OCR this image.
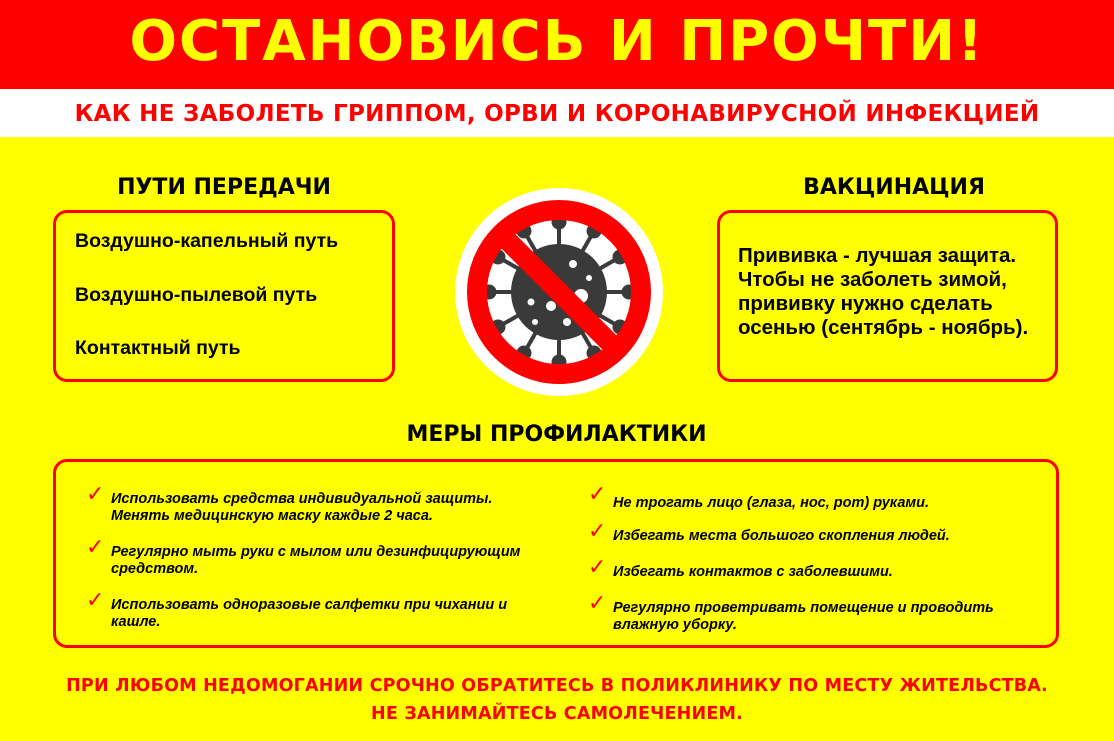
ОСТАНОВИСЬ И ПРОЧТИ!
КАК НЕ ЗАБОЛЕТЬ ГРИППОМ, ОРВИ И КОРОНАВИРУСНОЙ ИНФЕКЦИЕЙ
ПУТИ ПЕРЕДАЧИ
Воздушно-капельный путь
Воздушно-пылевой путь
Контактный путь
ВАКЦИНАЦИЯ
Прививка - лучшая защита.
Чтобы не заболеть зимой,
прививку нужно сделать
осенью (сентябрь - ноябрь).
МЕРЫ ПРОФИЛАКТИКИ
✓ Использовать средства индивидуальной защиты.
Менять медицинскую маску каждые 2 часа.
✓ Регулярно мыть руки с мылом или дезинфицирующим
средством.
✓ Использовать одноразовые салфетки при чихании и
кашле.
✓ Не трогать лицо (глаза, нос, рот) руками.
✓ Избегать места большого скопления людей.
✓ Избегать контактов с заболевшими.
✓ Регулярно проветривать помещение и проводить
влажную уборку.
ПРИ ЛЮБОМ НЕДОМОГАНИИ СРОЧНО ОБРАТИТЕСЬ В ПОЛИКЛИНИКУ ПО МЕСТУ ЖИТЕЛЬСТВА.
НЕ ЗАНИМАЙТЕСЬ САМОЛЕЧЕНИЕМ.
